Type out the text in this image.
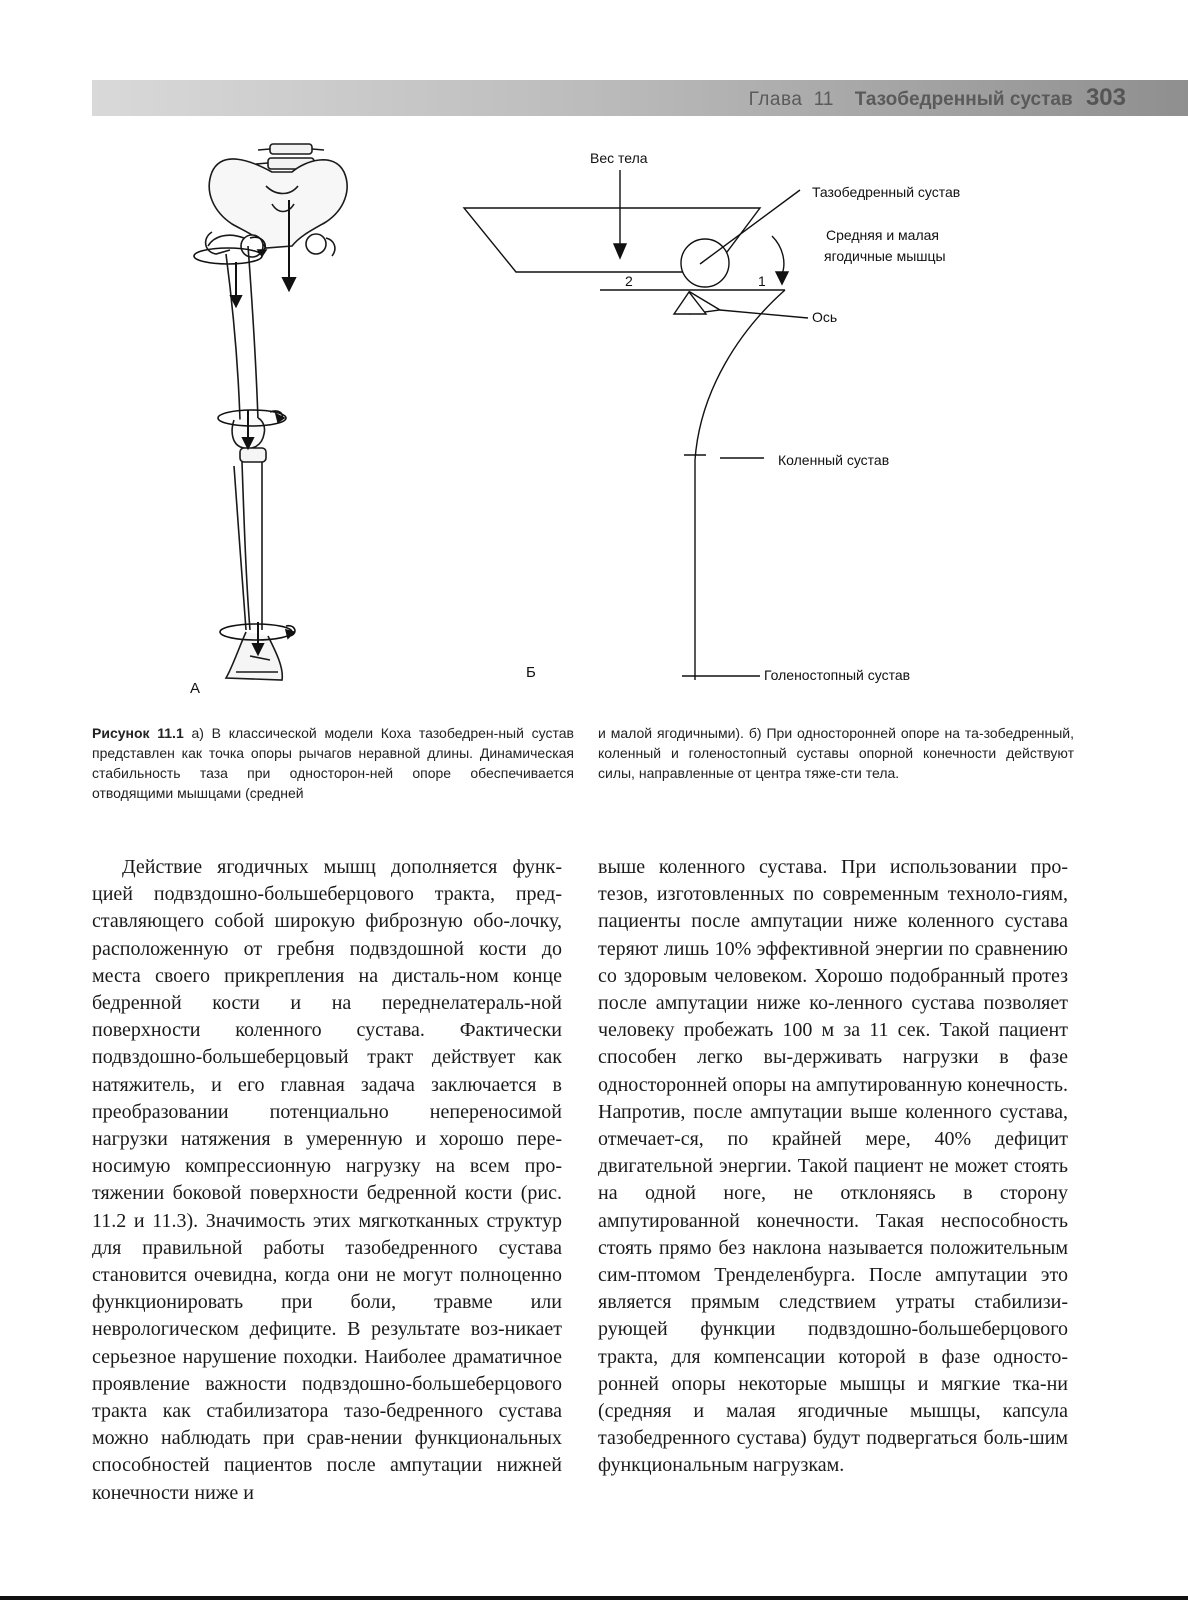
Глава 11 Тазобедренный сустав 303
Вес тела
Тазобедренный сустав
Средняя и малая
ягодичные мышцы
2	1
Ось
Коленный сустав
Голеностопный сустав
А
Б
Рисунок 11.1 а) В классической модели Коха тазобедрен-ный сустав представлен как точка опоры рычагов неравной длины. Динамическая стабильность таза при односторон-ней опоре обеспечивается отводящими мышцами (средней
и малой ягодичными). б) При односторонней опоре на та-зобедренный, коленный и голеностопный суставы опорной конечности действуют силы, направленные от центра тяже-сти тела.

Действие ягодичных мышц дополняется функ-цией подвздошно-большеберцового тракта, пред-ставляющего собой широкую фиброзную обо-лочку, расположенную от гребня подвздошной кости до места своего прикрепления на дисталь-ном конце бедренной кости и на переднелатераль-ной поверхности коленного сустава. Фактически подвздошно-большеберцовый тракт действует как натяжитель, и его главная задача заключается в преобразовании потенциально непереносимой нагрузки натяжения в умеренную и хорошо пере-носимую компрессионную нагрузку на всем про-тяжении боковой поверхности бедренной кости (рис. 11.2 и 11.3). Значимость этих мягкотканных структур для правильной работы тазобедренного сустава становится очевидна, когда они не могут полноценно функционировать при боли, травме или неврологическом дефиците. В результате воз-никает серьезное нарушение походки. Наиболее драматичное проявление важности подвздошно-большеберцового тракта как стабилизатора тазо-бедренного сустава можно наблюдать при срав-нении функциональных способностей пациентов после ампутации нижней конечности ниже и

выше коленного сустава. При использовании про-тезов, изготовленных по современным техноло-гиям, пациенты после ампутации ниже коленного сустава теряют лишь 10% эффективной энергии по сравнению со здоровым человеком. Хорошо подобранный протез после ампутации ниже ко-ленного сустава позволяет человеку пробежать 100 м за 11 сек. Такой пациент способен легко вы-держивать нагрузки в фазе односторонней опоры на ампутированную конечность. Напротив, после ампутации выше коленного сустава, отмечает-ся, по крайней мере, 40% дефицит двигательной энергии. Такой пациент не может стоять на одной ноге, не отклоняясь в сторону ампутированной конечности. Такая неспособность стоять прямо без наклона называется положительным сим-птомом Тренделенбурга. После ампутации это является прямым следствием утраты стабилизи-рующей функции подвздошно-большеберцового тракта, для компенсации которой в фазе односто-ронней опоры некоторые мышцы и мягкие тка-ни (средняя и малая ягодичные мышцы, капсула тазобедренного сустава) будут подвергаться боль-шим функциональным нагрузкам.
